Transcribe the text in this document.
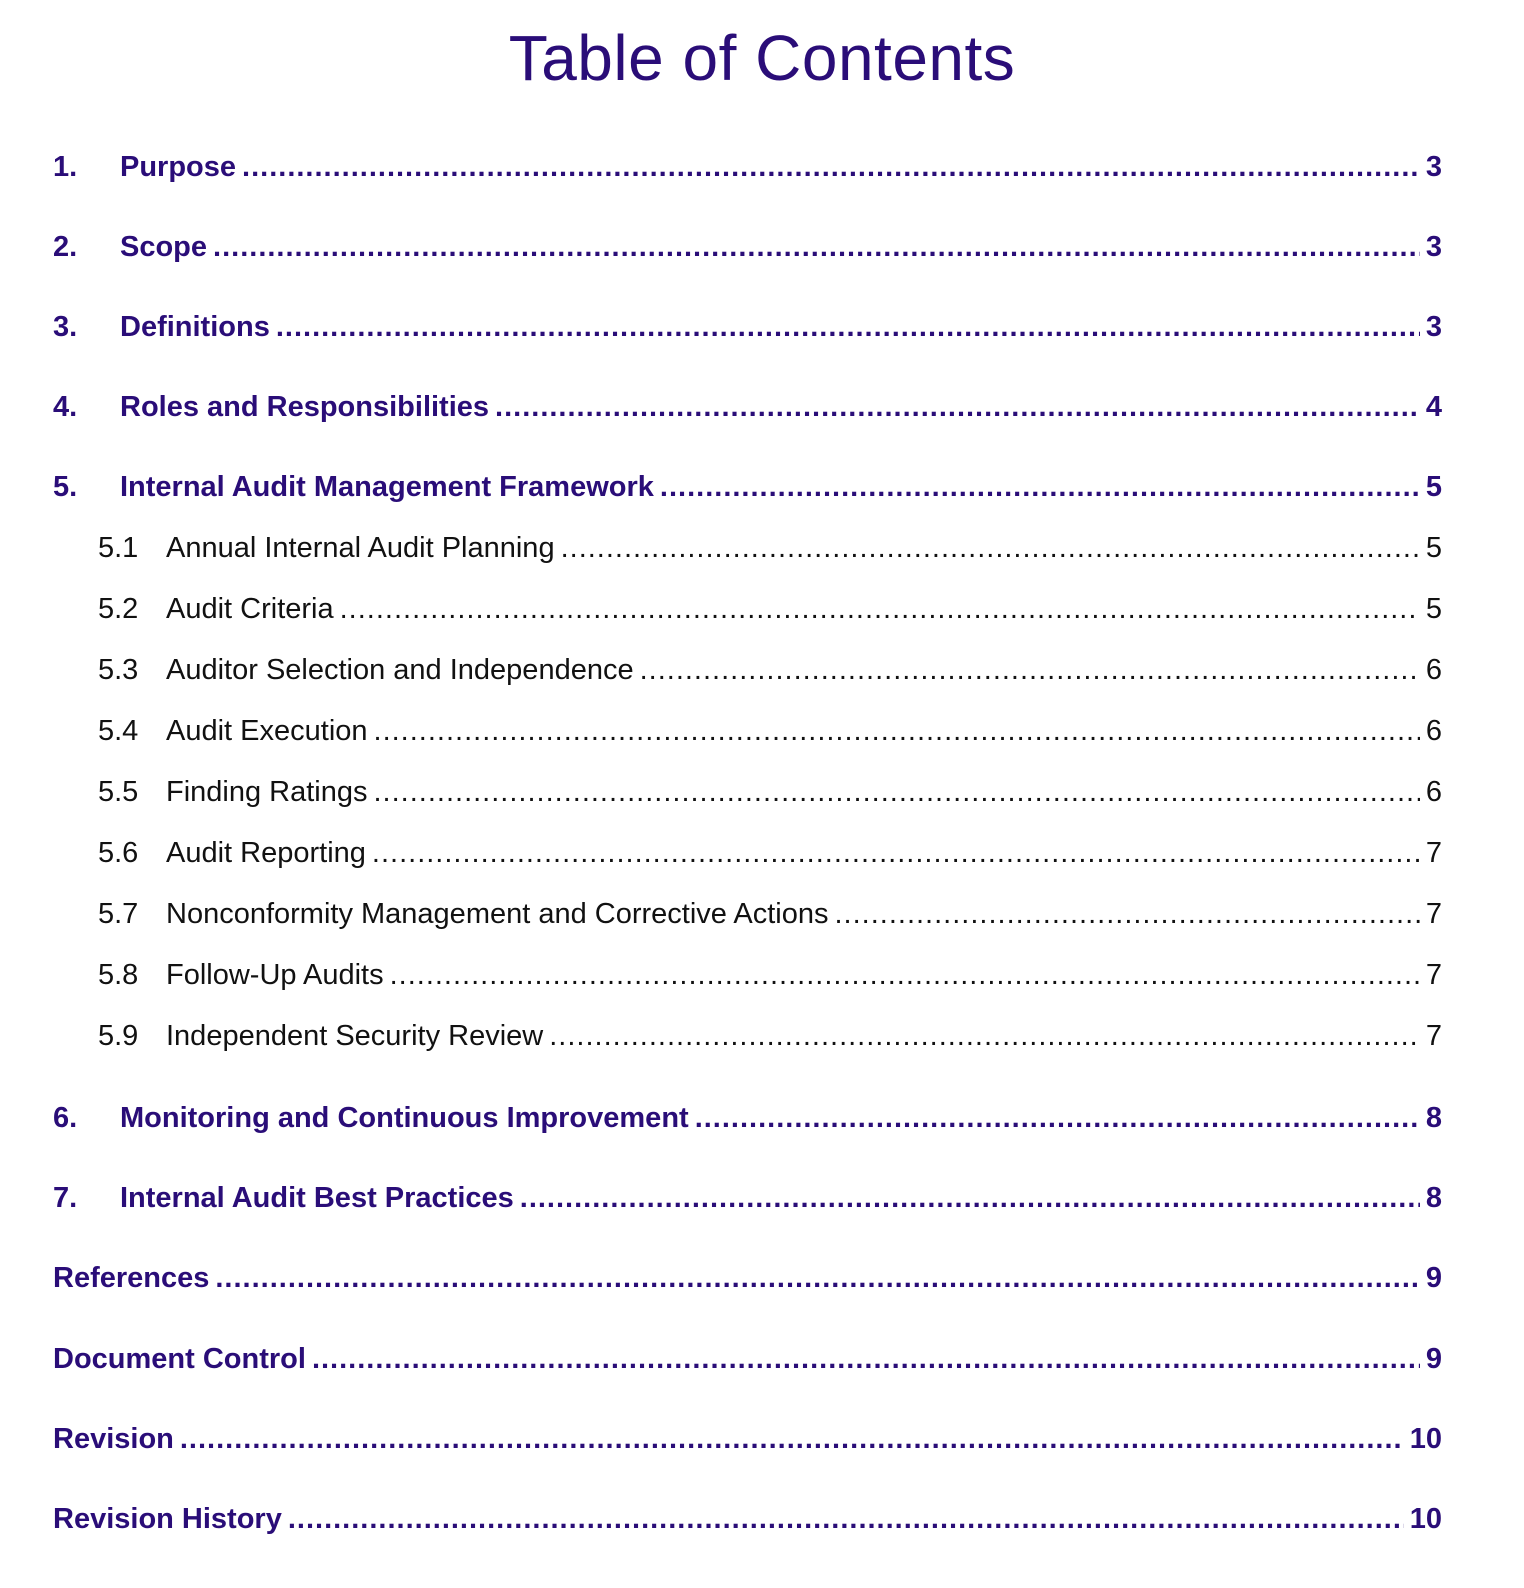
Table of Contents
1.	Purpose .....	3
2.	Scope .....	3
3.	Definitions .....	3
4.	Roles and Responsibilities .....	4
5.	Internal Audit Management Framework .....	5
5.1 Annual Internal Audit Planning .....	5
5.2 Audit Criteria .....	5
5.3 Auditor Selection and Independence .....	6
5.4 Audit Execution .....	6
5.5 Finding Ratings .....	6
5.6 Audit Reporting .....	7
5.7 Nonconformity Management and Corrective Actions .....	7
5.8 Follow-Up Audits .....	7
5.9 Independent Security Review .....	7
6.	Monitoring and Continuous Improvement .....	8
7.	Internal Audit Best Practices .....	8
References .....	9
Document Control .....	9
Revision .....	10
Revision History .....	10
